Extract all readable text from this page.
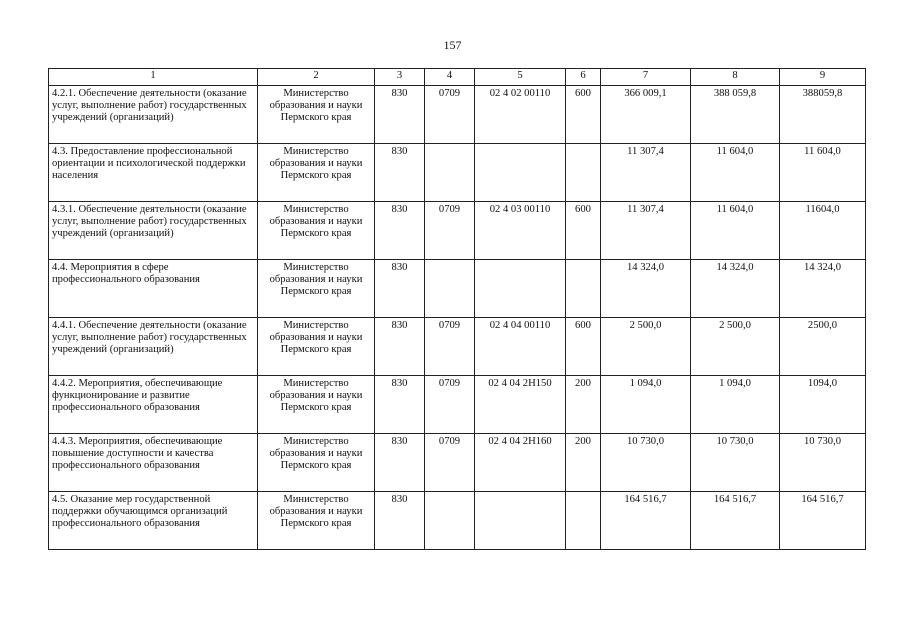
157
1	2	3	4	5	6	7	8	9
4.2.1. Обеспечение деятельности (оказание услуг, выполнение работ) государственных учреждений (организаций)	Министерство образования и науки Пермского края	830	0709	02 4 02 00110	600	366 009,1	388 059,8	388059,8
4.3. Предоставление профессиональной ориентации и психологической поддержки населения	Министерство образования и науки Пермского края	830				11 307,4	11 604,0	11 604,0
4.3.1. Обеспечение деятельности (оказание услуг, выполнение работ) государственных учреждений (организаций)	Министерство образования и науки Пермского края	830	0709	02 4 03 00110	600	11 307,4	11 604,0	11604,0
4.4. Мероприятия в сфере профессионального образования	Министерство образования и науки Пермского края	830				14 324,0	14 324,0	14 324,0
4.4.1. Обеспечение деятельности (оказание услуг, выполнение работ) государственных учреждений (организаций)	Министерство образования и науки Пермского края	830	0709	02 4 04 00110	600	2 500,0	2 500,0	2500,0
4.4.2. Мероприятия, обеспечивающие функционирование и развитие профессионального образования	Министерство образования и науки Пермского края	830	0709	02 4 04 2Н150	200	1 094,0	1 094,0	1094,0
4.4.3. Мероприятия, обеспечивающие повышение доступности и качества профессионального образования	Министерство образования и науки Пермского края	830	0709	02 4 04 2Н160	200	10 730,0	10 730,0	10 730,0
4.5. Оказание мер государственной поддержки обучающимся организаций профессионального образования	Министерство образования и науки Пермского края	830				164 516,7	164 516,7	164 516,7
